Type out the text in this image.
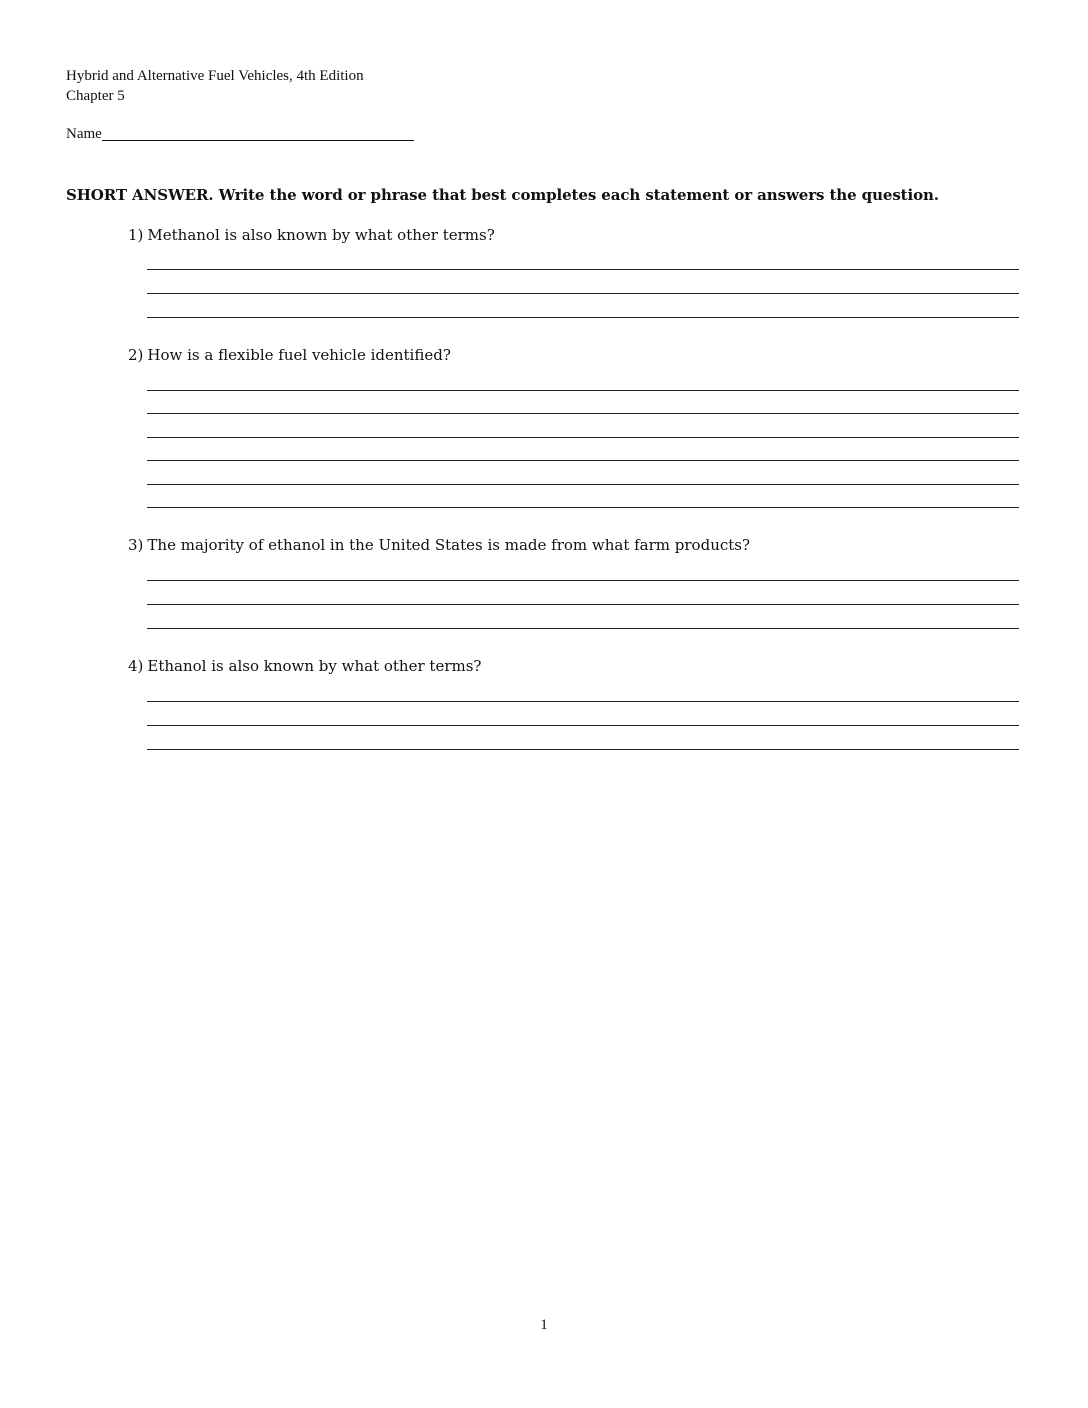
Hybrid and Alternative Fuel Vehicles, 4th Edition
Chapter 5
Name
SHORT ANSWER. Write the word or phrase that best completes each statement or answers the question.
1) Methanol is also known by what other terms?
2) How is a flexible fuel vehicle identified?
3) The majority of ethanol in the United States is made from what farm products?
4) Ethanol is also known by what other terms?
1
